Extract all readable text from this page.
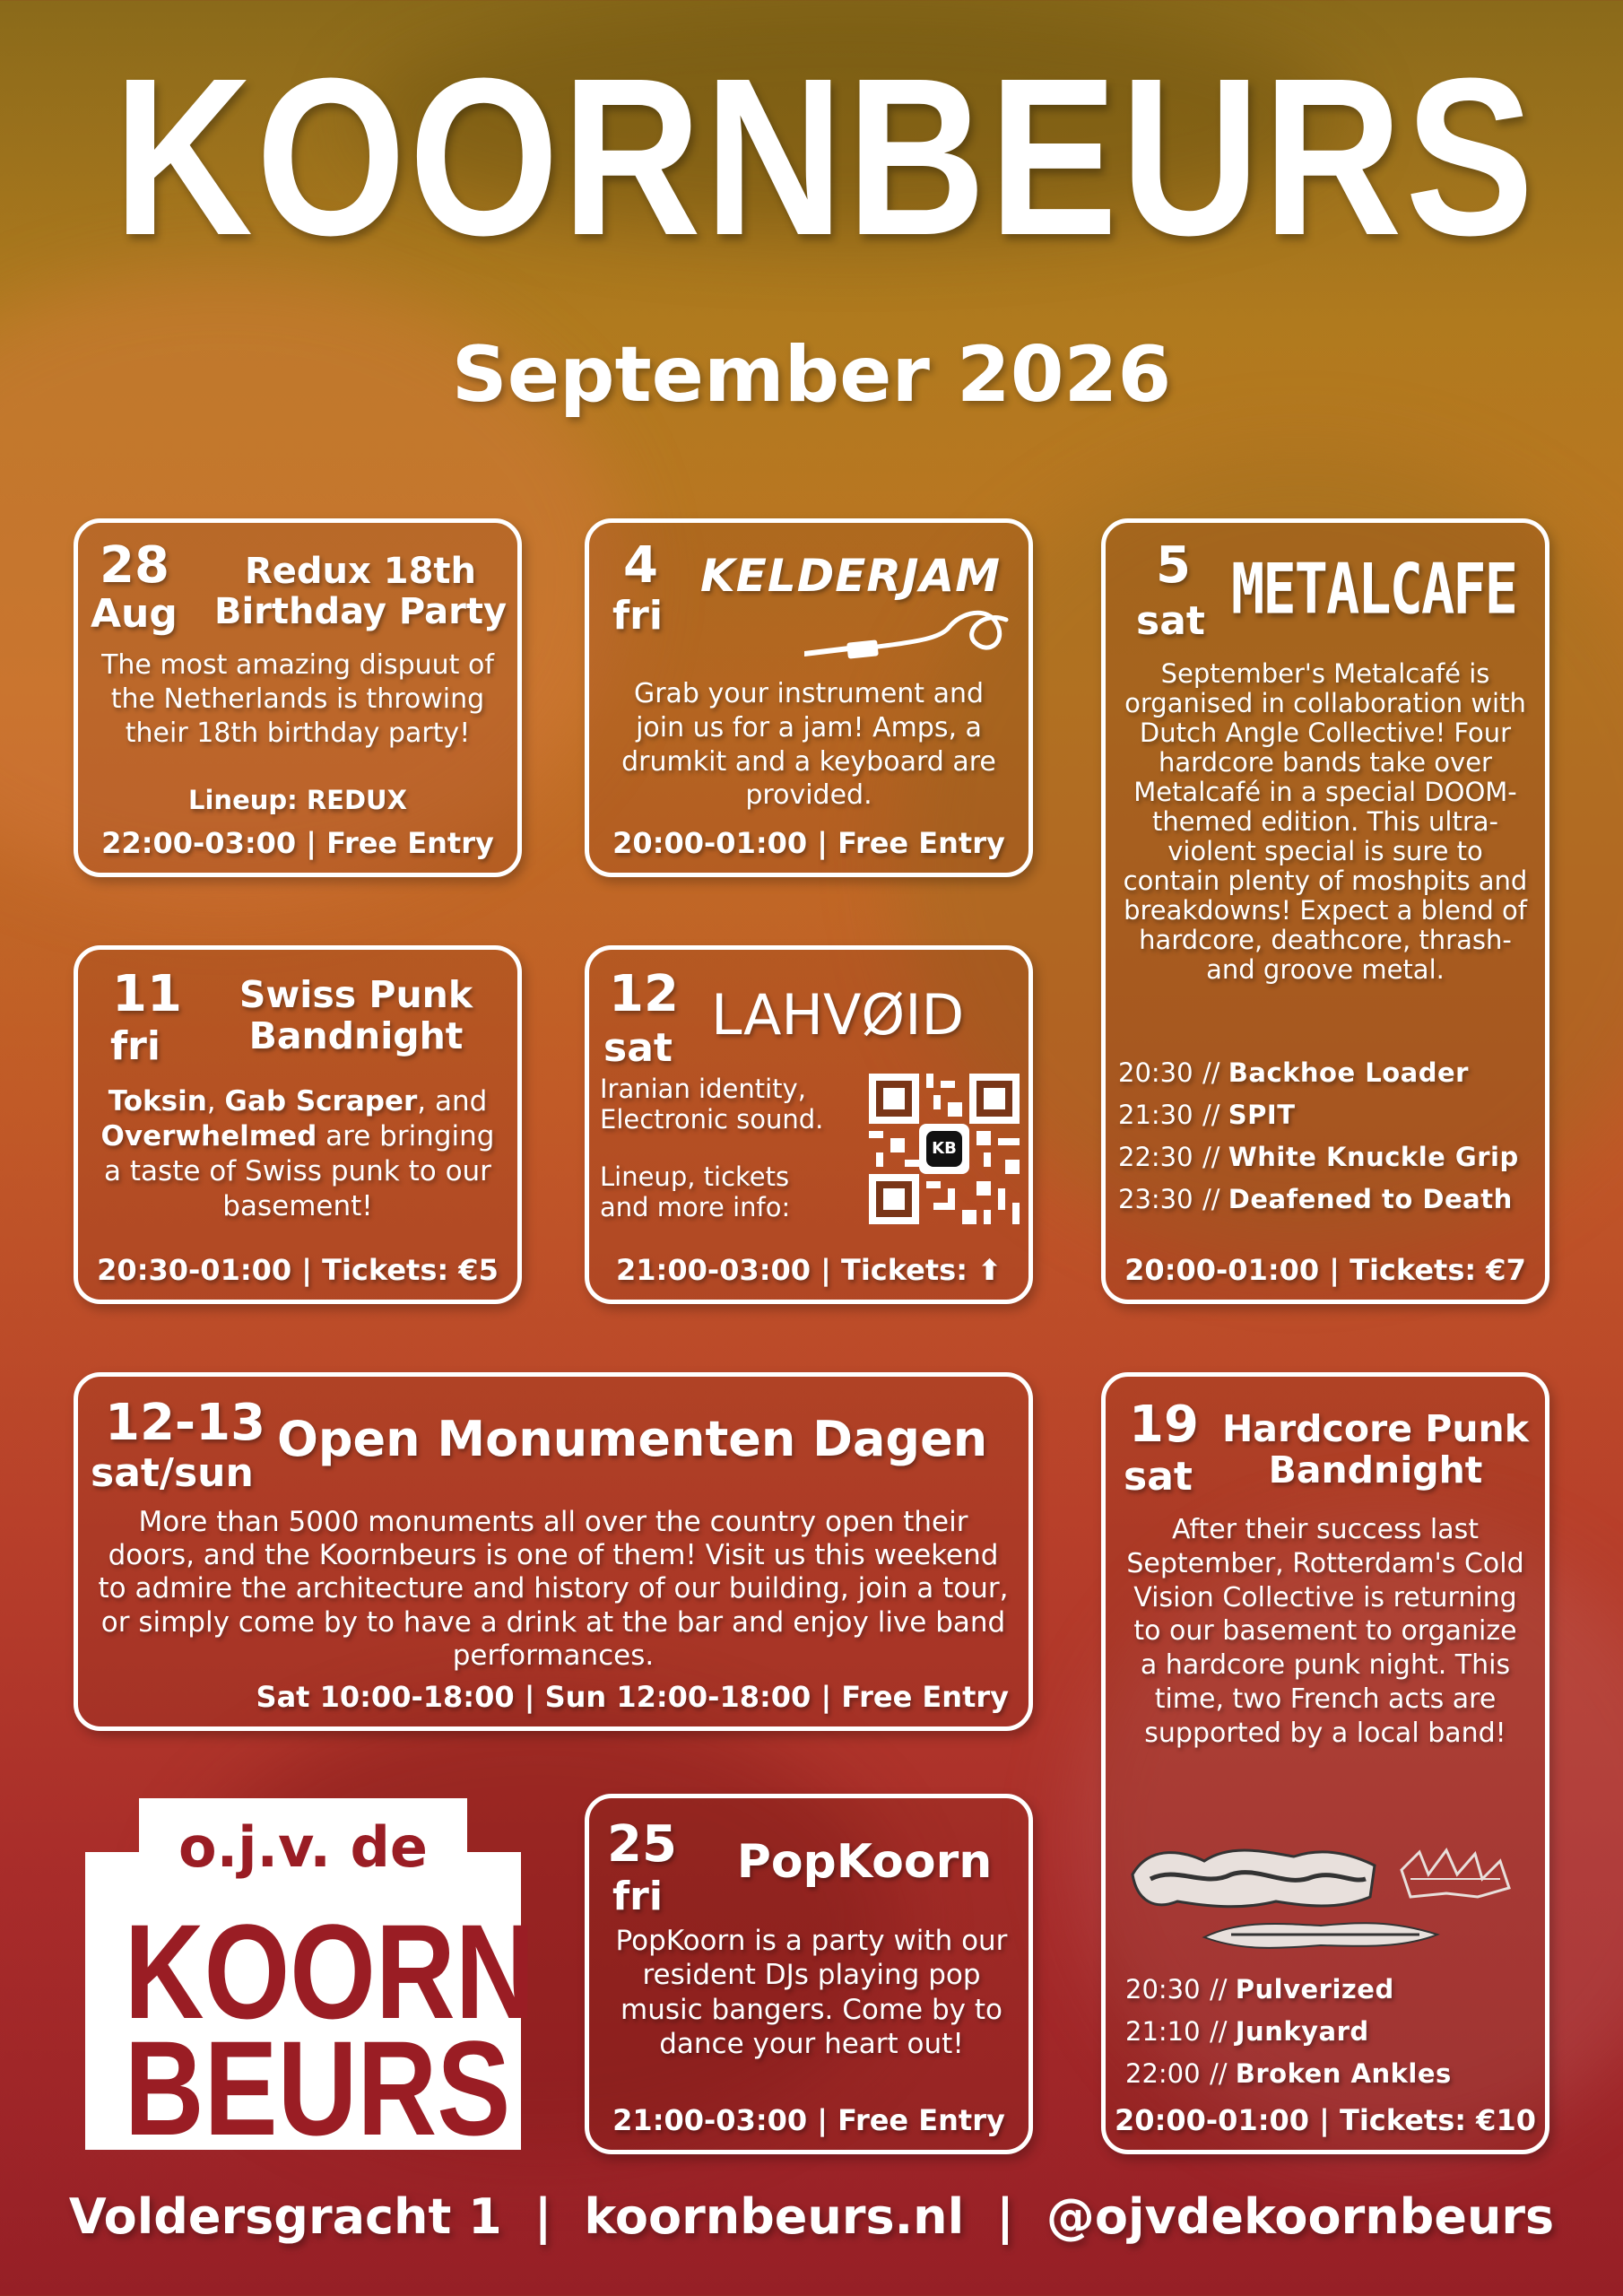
KOORNBEURS
September 2026
28
Aug
Redux 18th
Birthday Party
The most amazing dispuut of the Netherlands is throwing their 18th birthday party!
Lineup: REDUX
22:00-03:00 | Free Entry
4
fri
KELDERJAM
Grab your instrument and join us for a jam! Amps, a drumkit and a keyboard are provided.
20:00-01:00 | Free Entry
5
sat METALCAFE
September's Metalcafé is organised in collaboration with Dutch Angle Collective! Four hardcore bands take over Metalcafé in a special DOOM-themed edition. This ultra-violent special is sure to contain plenty of moshpits and breakdowns! Expect a blend of hardcore, deathcore, thrash- and groove metal.
20:30 // Backhoe Loader
21:30 // SPIT
22:30 // White Knuckle Grip
23:30 // Deafened to Death
20:00-01:00 | Tickets: €7
11
fri
Swiss Punk
Bandnight
Toksin, Gab Scraper, and Overwhelmed are bringing a taste of Swiss punk to our basement!
20:30-01:00 | Tickets: €5
12
sat
LAHVØID
Iranian identity,
Electronic sound.
Lineup, tickets
and more info:
KB
21:00-03:00 | Tickets: ⬆
12-13
sat/sun
Open Monumenten Dagen
More than 5000 monuments all over the country open their doors, and the Koornbeurs is one of them! Visit us this weekend to admire the architecture and history of our building, join a tour, or simply come by to have a drink at the bar and enjoy live band performances.
Sat 10:00-18:00 | Sun 12:00-18:00 | Free Entry
19
sat
Hardcore Punk
Bandnight
After their success last September, Rotterdam's Cold Vision Collective is returning to our basement to organize a hardcore punk night. This time, two French acts are supported by a local band!
20:30 // Pulverized
21:10 // Junkyard
22:00 // Broken Ankles
20:00-01:00 | Tickets: €10
25
fri
PopKoorn
PopKoorn is a party with our resident DJs playing pop music bangers. Come by to dance your heart out!
21:00-03:00 | Free Entry
o.j.v. de
KOORN
BEURS
Voldersgracht 1 | koornbeurs.nl | @ojvdekoornbeurs
